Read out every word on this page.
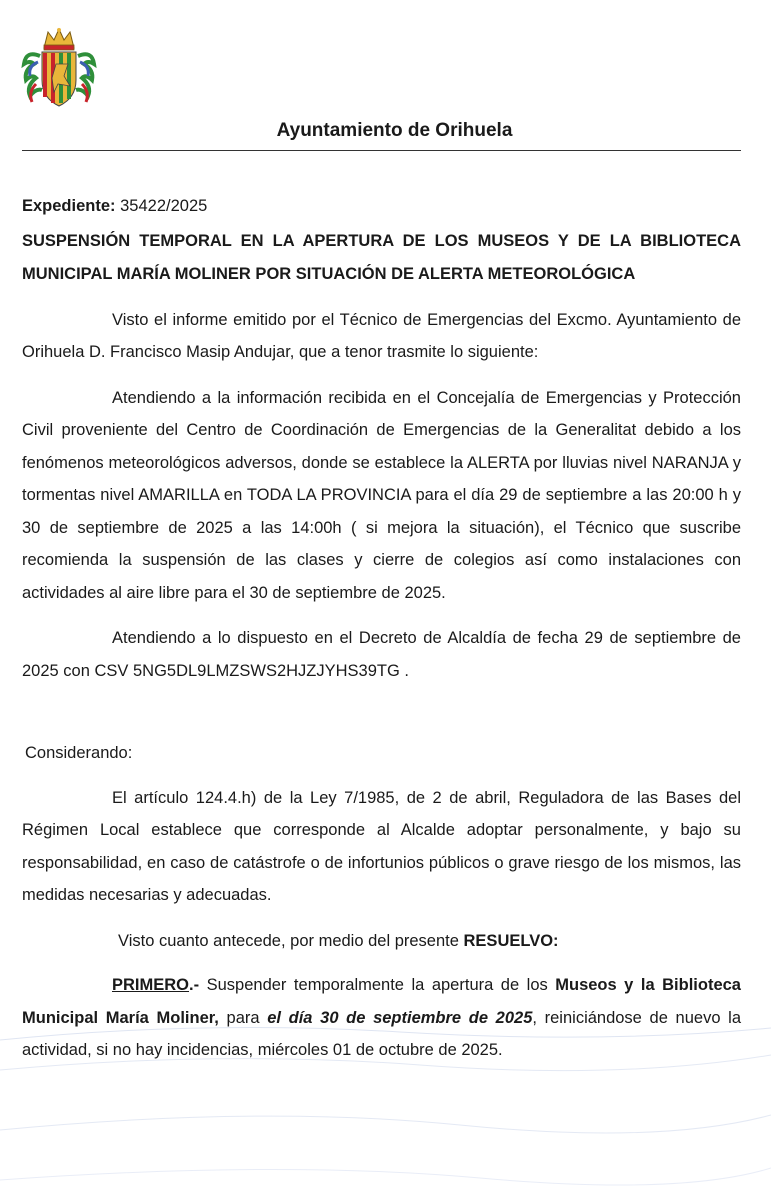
Ayuntamiento de Orihuela

Expediente: 35422/2025

SUSPENSIÓN TEMPORAL EN LA APERTURA DE LOS MUSEOS Y DE LA BIBLIOTECA MUNICIPAL MARÍA MOLINER POR SITUACIÓN DE ALERTA METEOROLÓGICA

Visto el informe emitido por el Técnico de Emergencias del Excmo. Ayuntamiento de Orihuela D. Francisco Masip Andujar, que a tenor trasmite lo siguiente:

Atendiendo a la información recibida en el Concejalía de Emergencias y Protección Civil proveniente del Centro de Coordinación de Emergencias de la Generalitat debido a los fenómenos meteorológicos adversos, donde se establece la ALERTA por lluvias nivel NARANJA y tormentas nivel AMARILLA en TODA LA PROVINCIA para el día 29 de septiembre a las 20:00 h y 30 de septiembre de 2025 a las 14:00h ( si mejora la situación), el Técnico que suscribe recomienda la suspensión de las clases y cierre de colegios así como instalaciones con actividades al aire libre para el 30 de septiembre de 2025.

Atendiendo a lo dispuesto en el Decreto de Alcaldía de fecha 29 de septiembre de 2025 con CSV 5NG5DL9LMZSWS2HJZJYHS39TG .

Considerando:

El artículo 124.4.h) de la Ley 7/1985, de 2 de abril, Reguladora de las Bases del Régimen Local establece que corresponde al Alcalde adoptar personalmente, y bajo su responsabilidad, en caso de catástrofe o de infortunios públicos o grave riesgo de los mismos, las medidas necesarias y adecuadas.

Visto cuanto antecede, por medio del presente RESUELVO:

PRIMERO.- Suspender temporalmente la apertura de los Museos y la Biblioteca Municipal María Moliner, para el día 30 de septiembre de 2025, reiniciándose de nuevo la actividad, si no hay incidencias, miércoles 01 de octubre de 2025.
